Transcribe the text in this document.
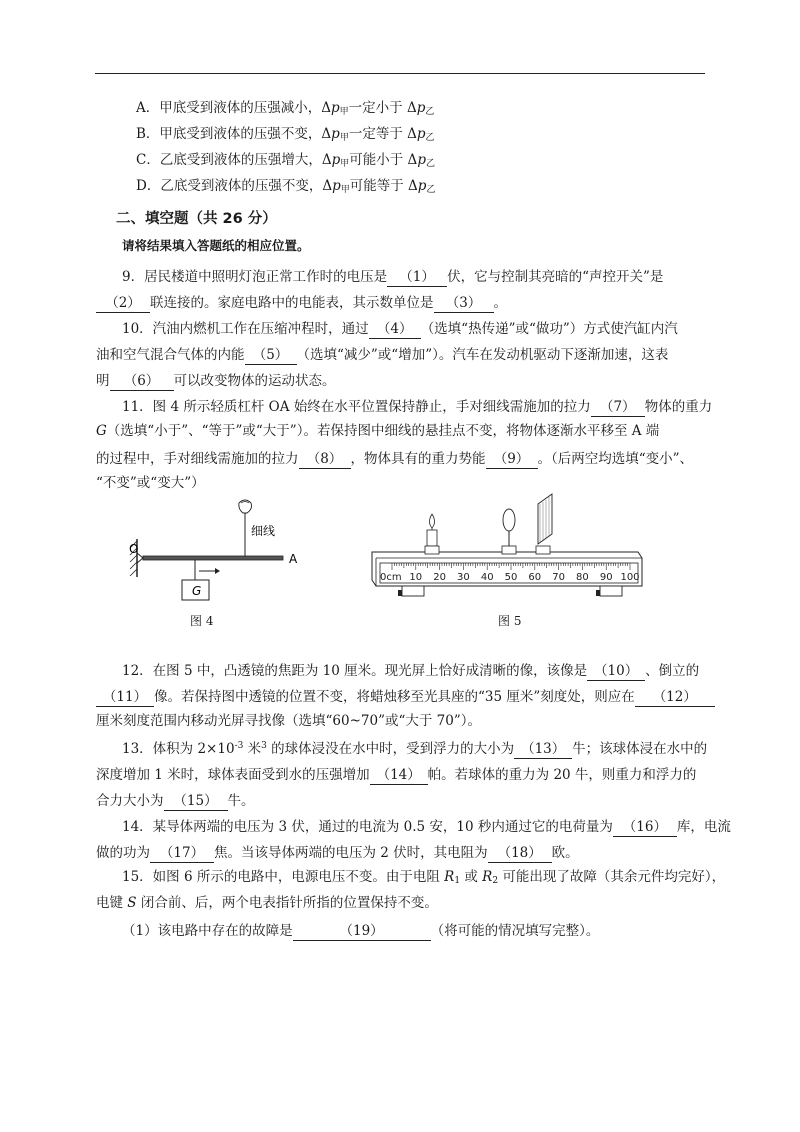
A．甲底受到液体的压强减小，$\Delta p_甲$一定小于 $\Delta p_乙$
B．甲底受到液体的压强不变，$\Delta p_甲$一定等于 $\Delta p_乙$
C．乙底受到液体的压强增大，$\Delta p_甲$可能小于 $\Delta p_乙$
D．乙底受到液体的压强不变，$\Delta p_甲$可能等于 $\Delta p_乙$
二、填空题（共 26 分）
请将结果填入答题纸的相应位置。
9．居民楼道中照明灯泡正常工作时的电压是 （1） 伏，它与控制其亮暗的“声控开关”是
（2） 联连接的。家庭电路中的电能表，其示数单位是 （3） 。
10．汽油内燃机工作在压缩冲程时，通过 （4） （选填“热传递”或“做功”）方式使汽缸内汽
油和空气混合气体的内能 （5） （选填“减少”或“增加”）。汽车在发动机驱动下逐渐加速，这表
明 （6） 可以改变物体的运动状态。
11．图 4 所示轻质杠杆 OA 始终在水平位置保持静止，手对细线需施加的拉力 （7） 物体的重力
G（选填“小于”、“等于”或“大于”）。若保持图中细线的悬挂点不变，将物体逐渐水平移至 A 端
的过程中，手对细线需施加的拉力 （8） ，物体具有的重力势能 （9） 。（后两空均选填“变小”、
“不变”或“变大”）
O
A
G
细线
图 4
0cm 10 20 30 40 50 60 70 80 90 100
图 5
12．在图 5 中，凸透镜的焦距为 10 厘米。现光屏上恰好成清晰的像，该像是 （10） 、倒立的
（11） 像。若保持图中透镜的位置不变，将蜡烛移至光具座的“35 厘米”刻度处，则应在 （12）
厘米刻度范围内移动光屏寻找像（选填“60~70”或“大于 70”）。
13．体积为 $2\times 10^{-3}$ 米$^3$ 的球体浸没在水中时，受到浮力的大小为 （13） 牛；该球体浸在水中的
深度增加 1 米时，球体表面受到水的压强增加 （14） 帕。若球体的重力为 20 牛，则重力和浮力的
合力大小为 （15） 牛。
14．某导体两端的电压为 3 伏，通过的电流为 0.5 安，10 秒内通过它的电荷量为 （16） 库，电流
做的功为 （17） 焦。当该导体两端的电压为 2 伏时，其电阻为 （18） 欧。
15．如图 6 所示的电路中，电源电压不变。由于电阻 $R_1$ 或 $R_2$ 可能出现了故障（其余元件均完好），
电键 S 闭合前、后，两个电表指针所指的位置保持不变。
（1）该电路中存在的故障是	（19）	（将可能的情况填写完整）。
